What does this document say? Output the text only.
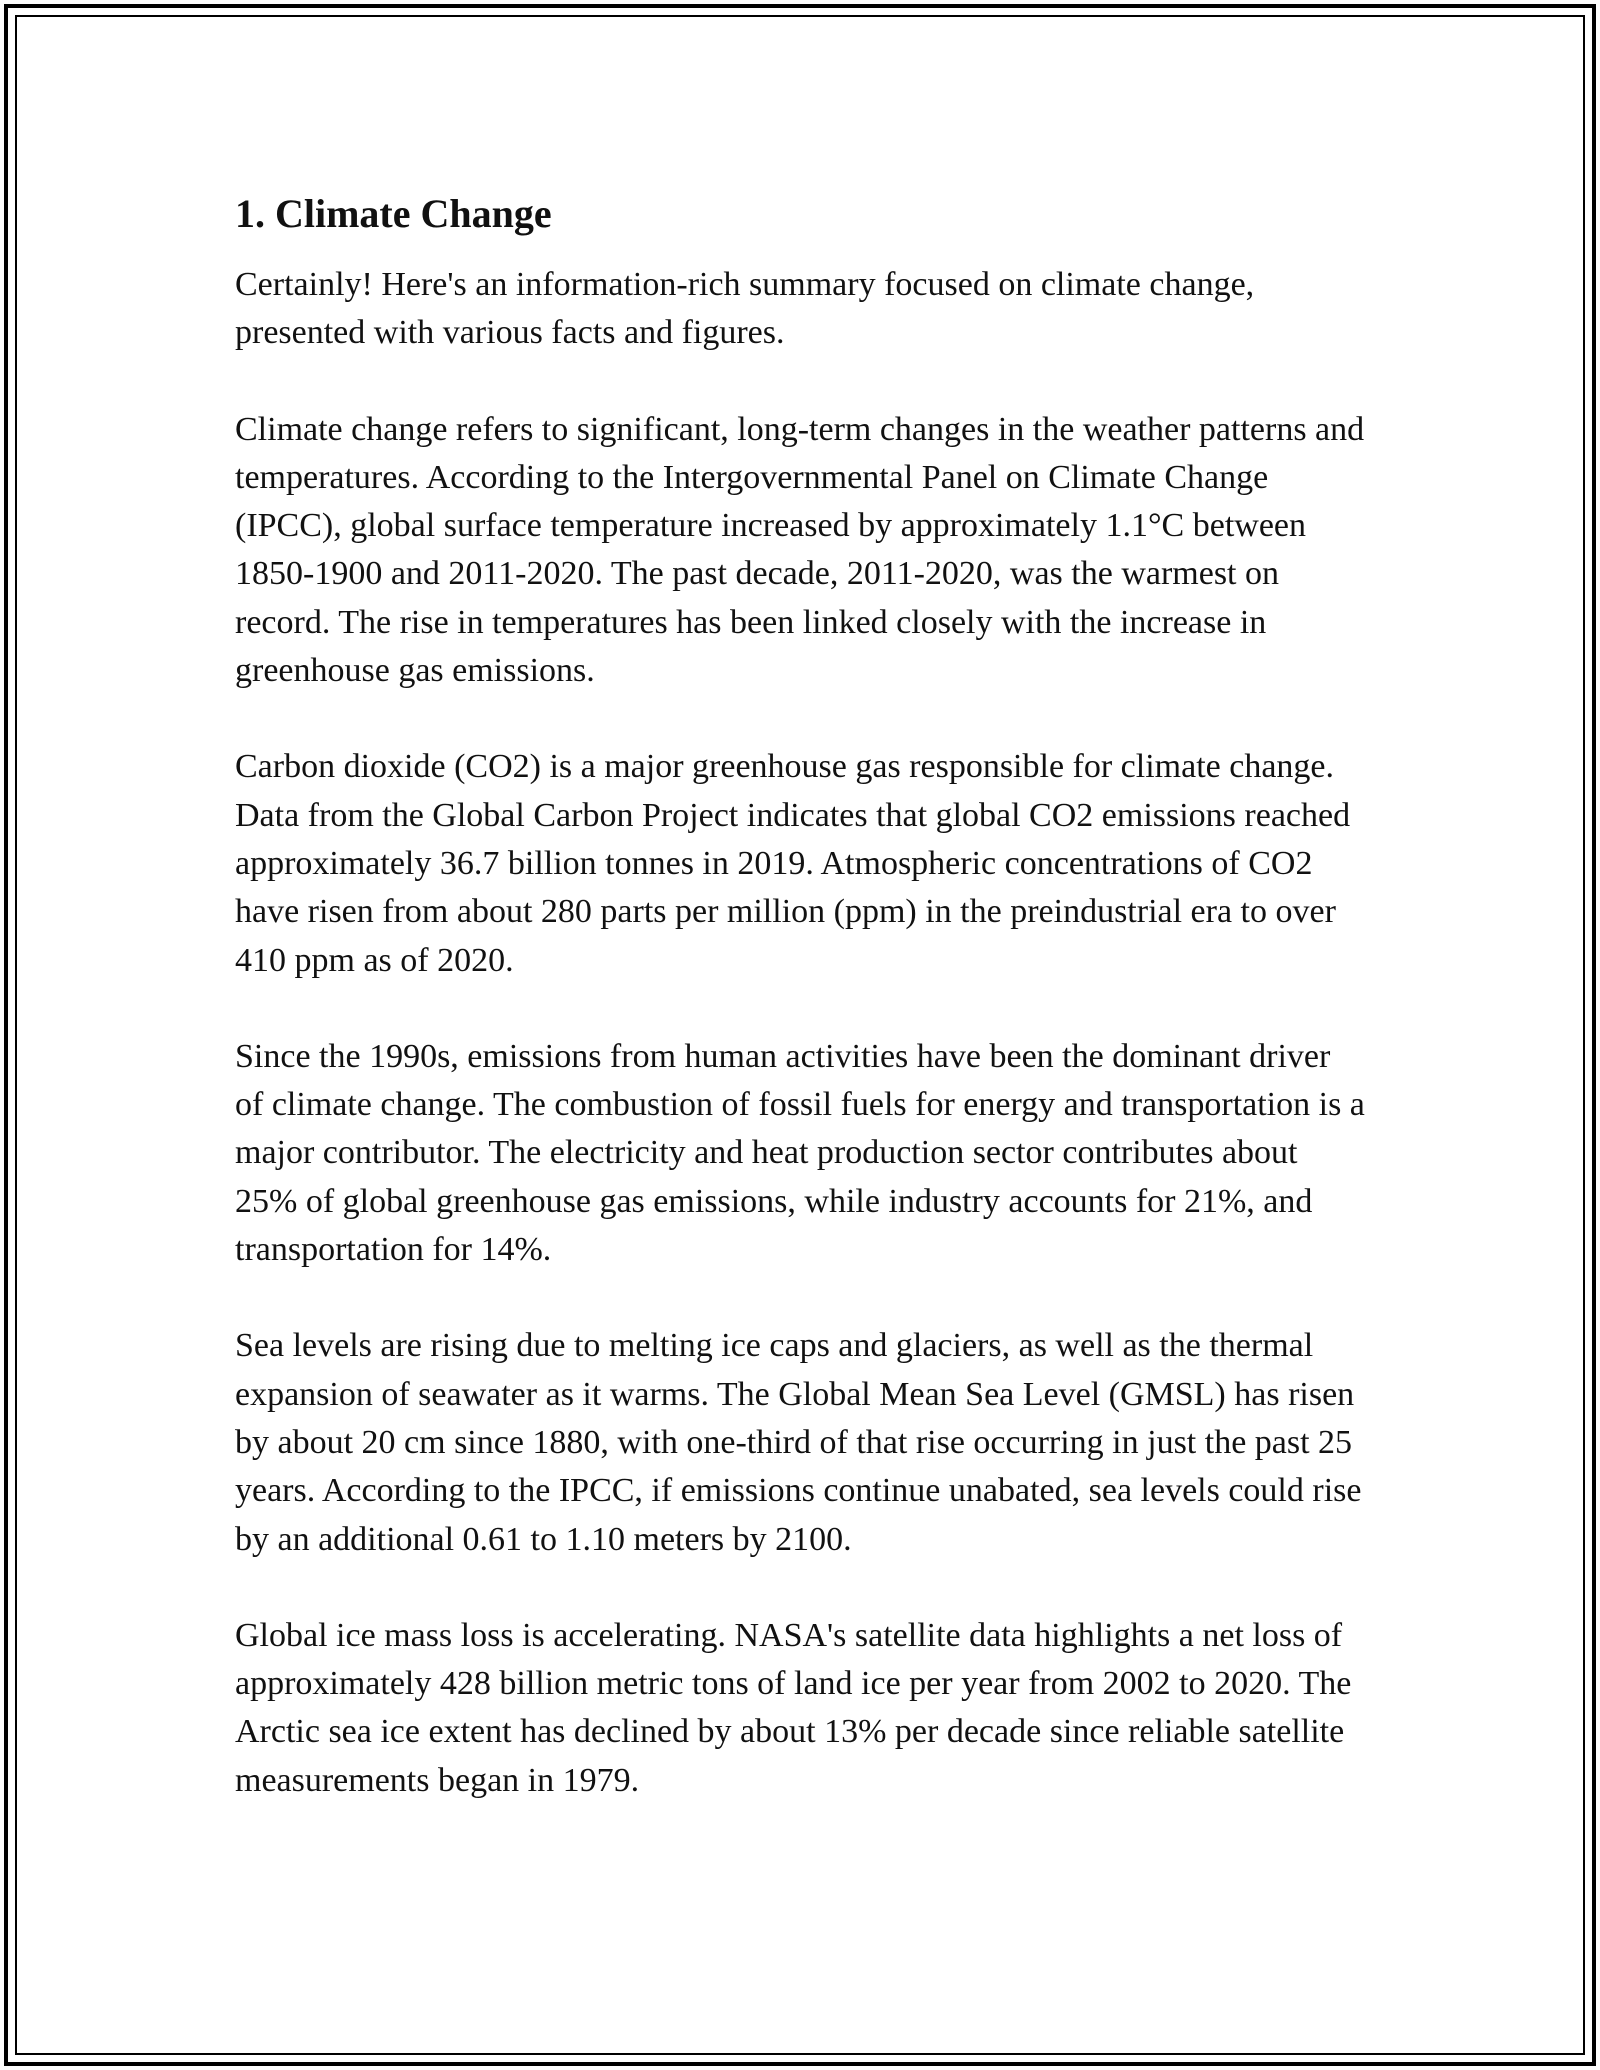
1. Climate Change

Certainly! Here's an information-rich summary focused on climate change, presented with various facts and figures.

Climate change refers to significant, long-term changes in the weather patterns and temperatures. According to the Intergovernmental Panel on Climate Change (IPCC), global surface temperature increased by approximately 1.1°C between 1850-1900 and 2011-2020. The past decade, 2011-2020, was the warmest on record. The rise in temperatures has been linked closely with the increase in greenhouse gas emissions.

Carbon dioxide (CO2) is a major greenhouse gas responsible for climate change. Data from the Global Carbon Project indicates that global CO2 emissions reached approximately 36.7 billion tonnes in 2019. Atmospheric concentrations of CO2 have risen from about 280 parts per million (ppm) in the preindustrial era to over 410 ppm as of 2020.

Since the 1990s, emissions from human activities have been the dominant driver of climate change. The combustion of fossil fuels for energy and transportation is a major contributor. The electricity and heat production sector contributes about 25% of global greenhouse gas emissions, while industry accounts for 21%, and transportation for 14%.

Sea levels are rising due to melting ice caps and glaciers, as well as the thermal expansion of seawater as it warms. The Global Mean Sea Level (GMSL) has risen by about 20 cm since 1880, with one-third of that rise occurring in just the past 25 years. According to the IPCC, if emissions continue unabated, sea levels could rise by an additional 0.61 to 1.10 meters by 2100.

Global ice mass loss is accelerating. NASA's satellite data highlights a net loss of approximately 428 billion metric tons of land ice per year from 2002 to 2020. The Arctic sea ice extent has declined by about 13% per decade since reliable satellite measurements began in 1979.
